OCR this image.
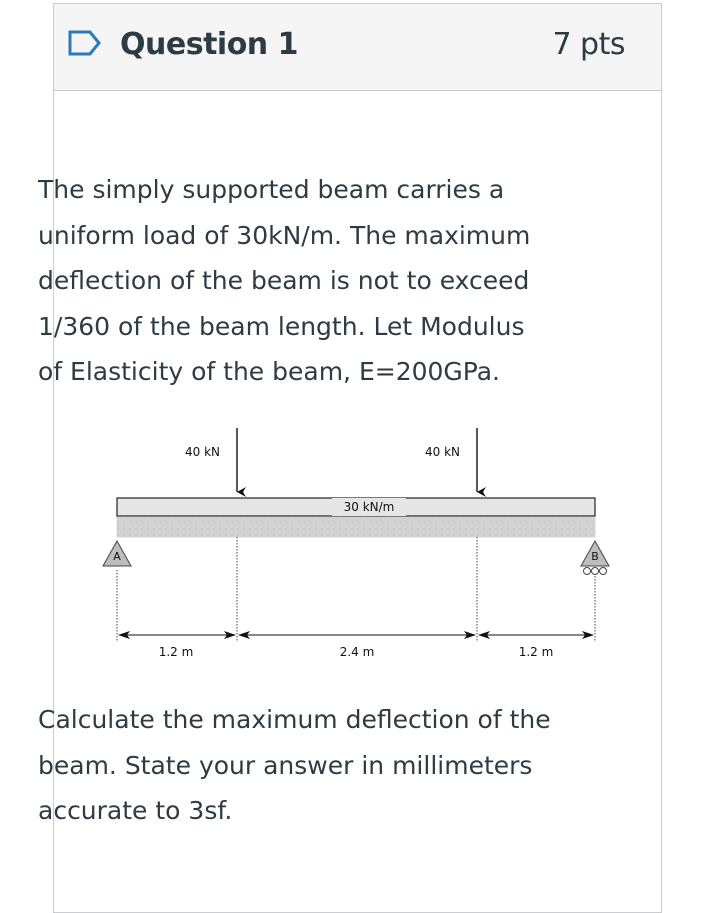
Question 1	7 pts
The simply supported beam carries a
uniform load of 30kN/m. The maximum
deflection of the beam is not to exceed
1/360 of the beam length. Let Modulus
of Elasticity of the beam, E=200GPa.
30 kN/m
40 kN	40 kN
A	B
1.2 m	2.4 m	1.2 m
Calculate the maximum deflection of the
beam. State your answer in millimeters
accurate to 3sf.
